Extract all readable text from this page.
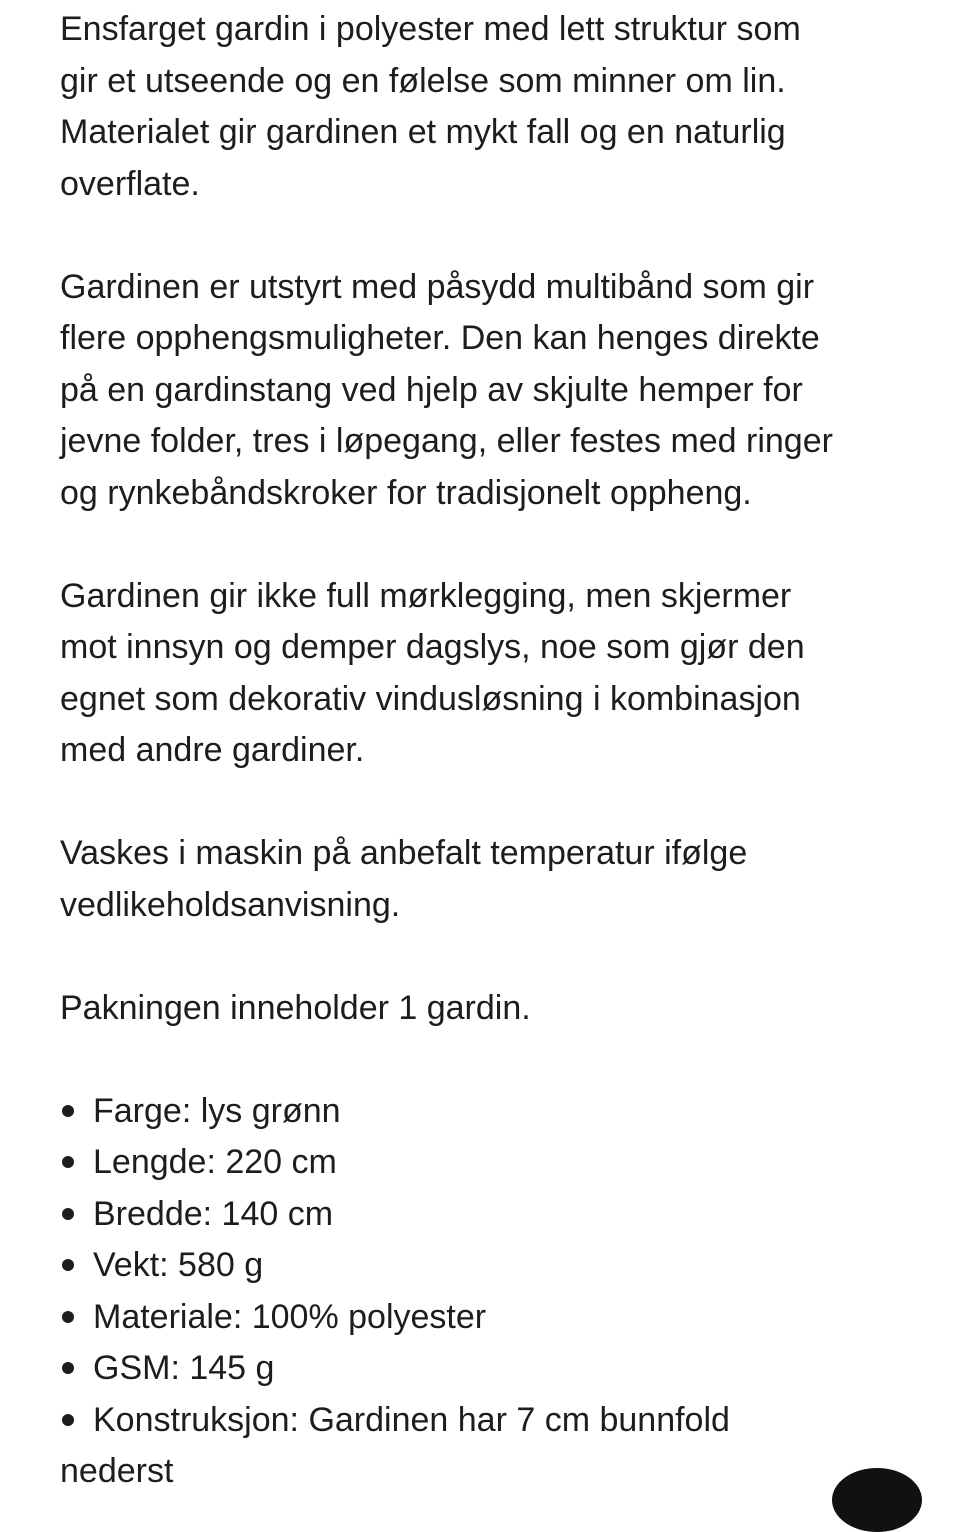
Ensfarget gardin i polyester med lett struktur som
gir et utseende og en følelse som minner om lin.
Materialet gir gardinen et mykt fall og en naturlig
overflate.

Gardinen er utstyrt med påsydd multibånd som gir
flere opphengsmuligheter. Den kan henges direkte
på en gardinstang ved hjelp av skjulte hemper for
jevne folder, tres i løpegang, eller festes med ringer
og rynkebåndskroker for tradisjonelt oppheng.

Gardinen gir ikke full mørklegging, men skjermer
mot innsyn og demper dagslys, noe som gjør den
egnet som dekorativ vindusløsning i kombinasjon
med andre gardiner.

Vaskes i maskin på anbefalt temperatur ifølge
vedlikeholdsanvisning.

Pakningen inneholder 1 gardin.

Farge: lys grønn
Lengde: 220 cm
Bredde: 140 cm
Vekt: 580 g
Materiale: 100% polyester
GSM: 145 g
Konstruksjon: Gardinen har 7 cm bunnfold
nederst
